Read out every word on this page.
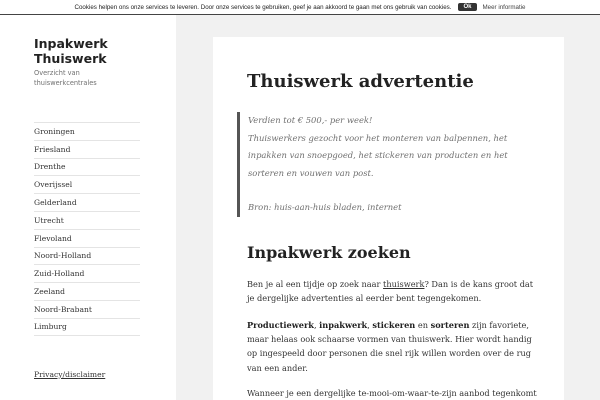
Cookies helpen ons onze services te leveren. Door onze services te gebruiken, geef je aan akkoord te gaan met ons gebruik van cookies.	Ok	Meer informatie
Inpakwerk
Thuiswerk
Overzicht van thuiswerkcentrales
Groningen
Friesland
Drenthe
Overijssel
Gelderland
Utrecht
Flevoland
Noord-Holland
Zuid-Holland
Zeeland
Noord-Brabant
Limburg
Privacy/disclaimer
Thuiswerk advertentie
Verdien tot € 500,- per week!
Thuiswerkers gezocht voor het monteren van balpennen, het inpakken van snoepgoed, het stickeren van producten en het sorteren en vouwen van post.
Bron: huis-aan-huis bladen, internet
Inpakwerk zoeken

Ben je al een tijdje op zoek naar thuiswerk? Dan is de kans groot dat je dergelijke advertenties al eerder bent tegengekomen.

Productiewerk, inpakwerk, stickeren en sorteren zijn favoriete, maar helaas ook schaarse vormen van thuiswerk. Hier wordt handig op ingespeeld door personen die snel rijk willen worden over de rug van een ander.

Wanneer je een dergelijke te-mooi-om-waar-te-zijn aanbod tegenkomt
